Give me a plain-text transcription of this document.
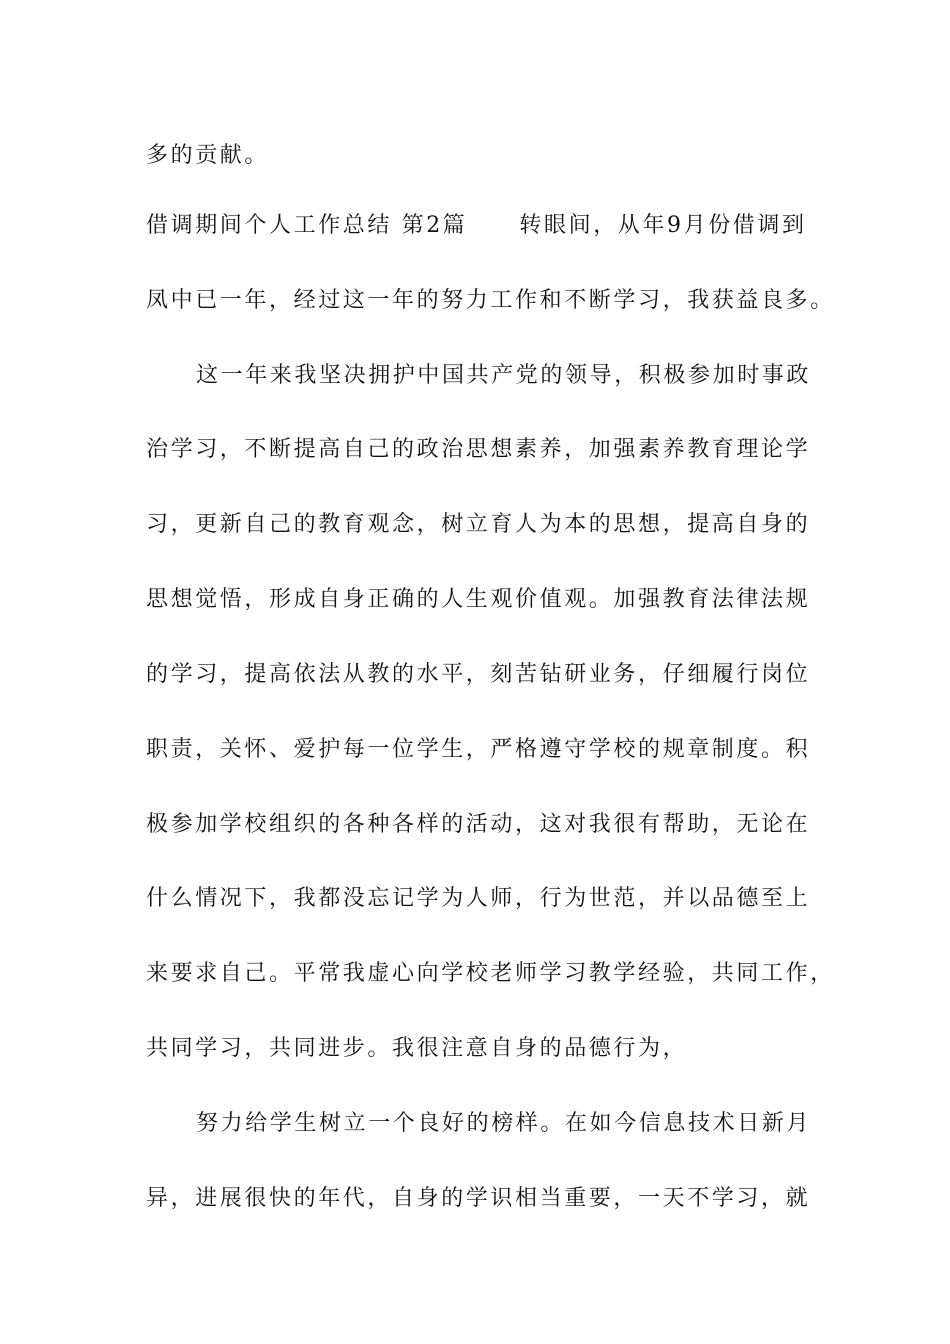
多的贡献。
借调期间个人工作总结 第2篇 转眼间，从年9月份借调到
凤中已一年，经过这一年的努力工作和不断学习，我获益良多。
这一年来我坚决拥护中国共产党的领导，积极参加时事政
治学习，不断提高自己的政治思想素养，加强素养教育理论学
习，更新自己的教育观念，树立育人为本的思想，提高自身的
思想觉悟，形成自身正确的人生观价值观。加强教育法律法规
的学习，提高依法从教的水平，刻苦钻研业务，仔细履行岗位
职责，关怀、爱护每一位学生，严格遵守学校的规章制度。积
极参加学校组织的各种各样的活动，这对我很有帮助，无论在
什么情况下，我都没忘记学为人师，行为世范，并以品德至上
来要求自己。平常我虚心向学校老师学习教学经验，共同工作，
共同学习，共同进步。我很注意自身的品德行为，
努力给学生树立一个良好的榜样。在如今信息技术日新月
异，进展很快的年代，自身的学识相当重要，一天不学习，就
